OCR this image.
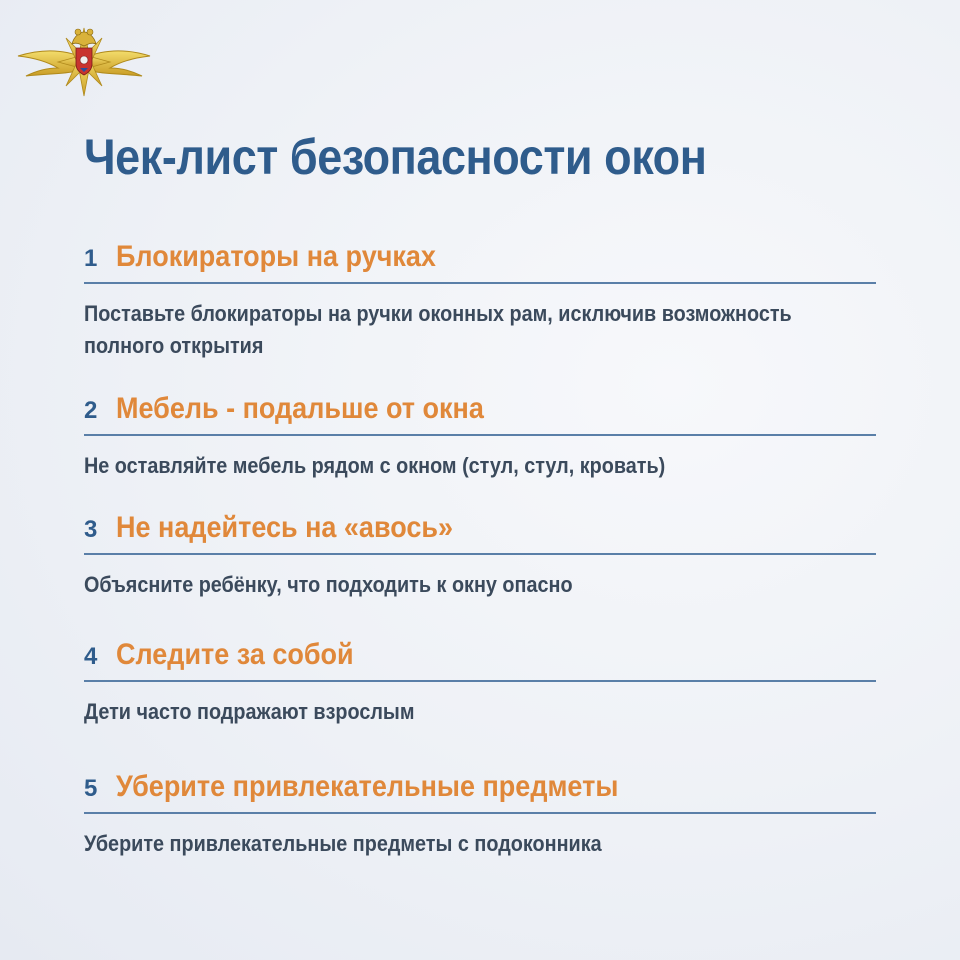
Чек-лист безопасности окон
1 Блокираторы на ручках
Поставьте блокираторы на ручки оконных рам, исключив возможность полного открытия
2 Мебель - подальше от окна
Не оставляйте мебель рядом с окном (стул, стул, кровать)
3 Не надейтесь на «авось»
Объясните ребёнку, что подходить к окну опасно
4 Следите за собой
Дети часто подражают взрослым
5 Уберите привлекательные предметы
Уберите привлекательные предметы с подоконника
